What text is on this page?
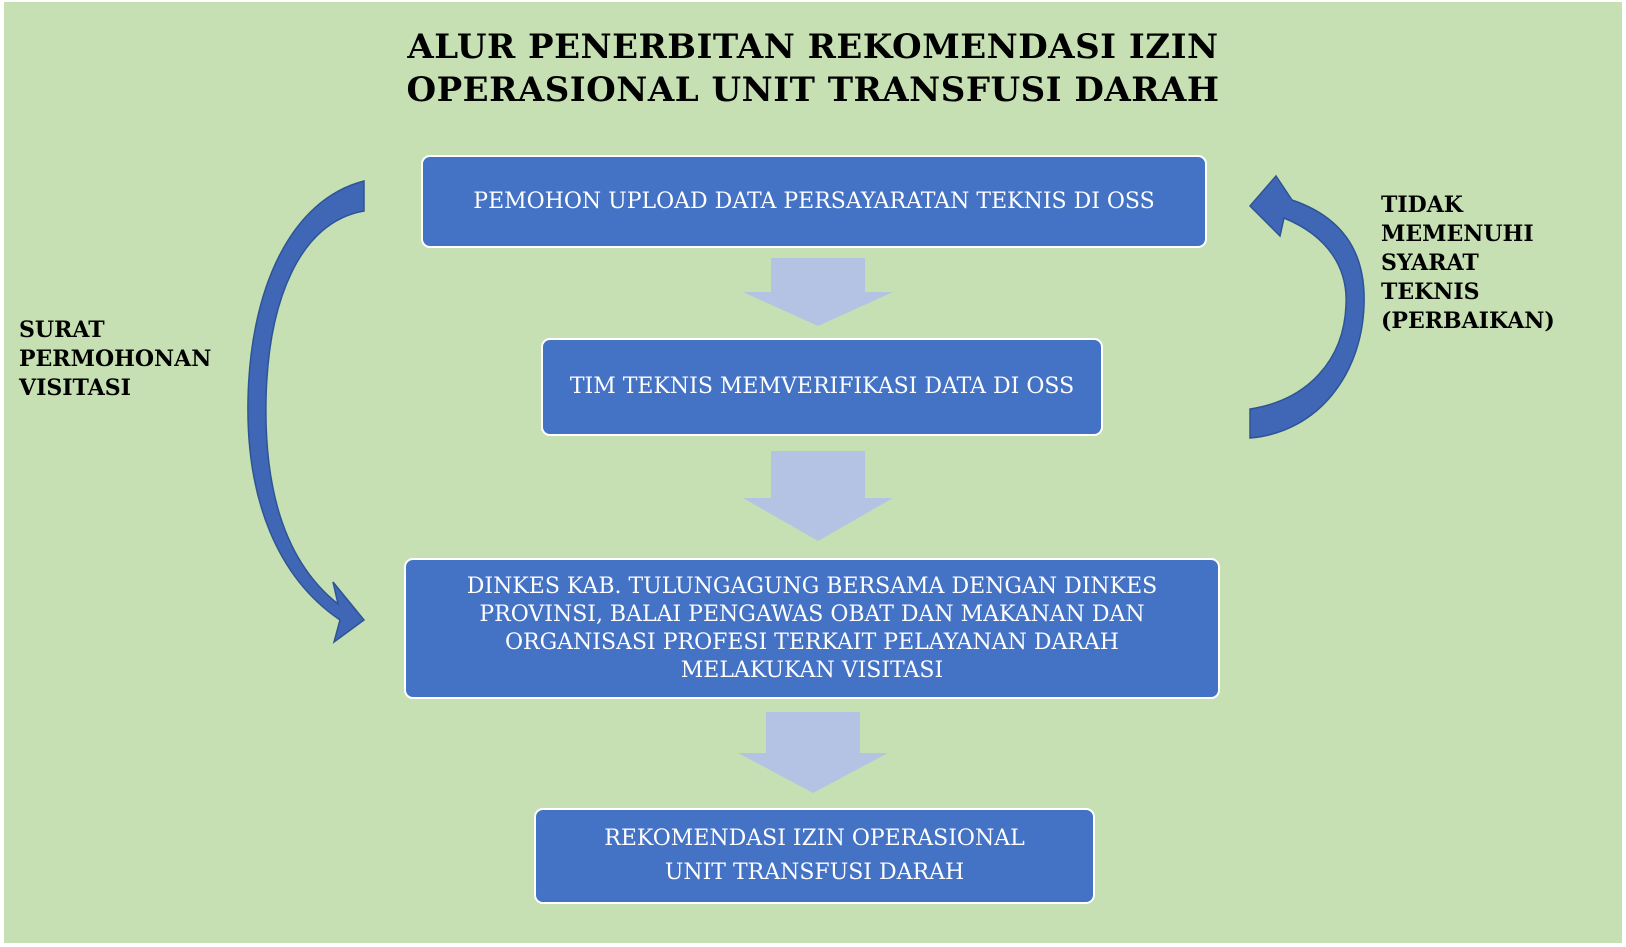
ALUR PENERBITAN REKOMENDASI IZIN
OPERASIONAL UNIT TRANSFUSI DARAH
PEMOHON UPLOAD DATA PERSAYARATAN TEKNIS DI OSS
TIM TEKNIS MEMVERIFIKASI DATA DI OSS
DINKES KAB. TULUNGAGUNG BERSAMA DENGAN DINKES PROVINSI, BALAI PENGAWAS OBAT DAN MAKANAN DAN ORGANISASI PROFESI TERKAIT PELAYANAN DARAH MELAKUKAN VISITASI
REKOMENDASI IZIN OPERASIONAL
UNIT TRANSFUSI DARAH
SURAT
PERMOHONAN
VISITASI
TIDAK
MEMENUHI
SYARAT
TEKNIS
(PERBAIKAN)
